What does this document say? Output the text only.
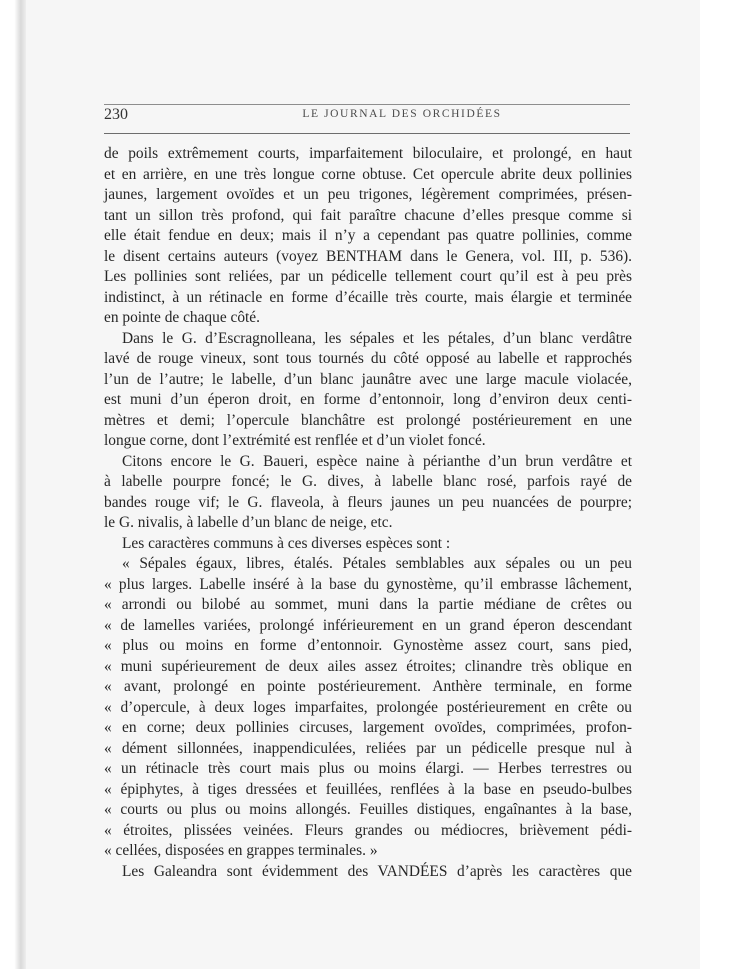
230	LE JOURNAL DES ORCHIDÉES
de poils extrêmement courts, imparfaitement biloculaire, et prolongé, en haut
et en arrière, en une très longue corne obtuse. Cet opercule abrite deux pollinies
jaunes, largement ovoïdes et un peu trigones, légèrement comprimées, présen-
tant un sillon très profond, qui fait paraître chacune d’elles presque comme si
elle était fendue en deux; mais il n’y a cependant pas quatre pollinies, comme
le disent certains auteurs (voyez BENTHAM dans le Genera, vol. III, p. 536).
Les pollinies sont reliées, par un pédicelle tellement court qu’il est à peu près
indistinct, à un rétinacle en forme d’écaille très courte, mais élargie et terminée
en pointe de chaque côté.
Dans le G. d’Escragnolleana, les sépales et les pétales, d’un blanc verdâtre
lavé de rouge vineux, sont tous tournés du côté opposé au labelle et rapprochés
l’un de l’autre; le labelle, d’un blanc jaunâtre avec une large macule violacée,
est muni d’un éperon droit, en forme d’entonnoir, long d’environ deux centi-
mètres et demi; l’opercule blanchâtre est prolongé postérieurement en une
longue corne, dont l’extrémité est renflée et d’un violet foncé.
Citons encore le G. Baueri, espèce naine à périanthe d’un brun verdâtre et
à labelle pourpre foncé; le G. dives, à labelle blanc rosé, parfois rayé de
bandes rouge vif; le G. flaveola, à fleurs jaunes un peu nuancées de pourpre;
le G. nivalis, à labelle d’un blanc de neige, etc.
Les caractères communs à ces diverses espèces sont :
« Sépales égaux, libres, étalés. Pétales semblables aux sépales ou un peu
« plus larges. Labelle inséré à la base du gynostème, qu’il embrasse lâchement,
« arrondi ou bilobé au sommet, muni dans la partie médiane de crêtes ou
« de lamelles variées, prolongé inférieurement en un grand éperon descendant
« plus ou moins en forme d’entonnoir. Gynostème assez court, sans pied,
« muni supérieurement de deux ailes assez étroites; clinandre très oblique en
« avant, prolongé en pointe postérieurement. Anthère terminale, en forme
« d’opercule, à deux loges imparfaites, prolongée postérieurement en crête ou
« en corne; deux pollinies circuses, largement ovoïdes, comprimées, profon-
« dément sillonnées, inappendiculées, reliées par un pédicelle presque nul à
« un rétinacle très court mais plus ou moins élargi. — Herbes terrestres ou
« épiphytes, à tiges dressées et feuillées, renflées à la base en pseudo-bulbes
« courts ou plus ou moins allongés. Feuilles distiques, engaînantes à la base,
« étroites, plissées veinées. Fleurs grandes ou médiocres, brièvement pédi-
« cellées, disposées en grappes terminales. »
Les Galeandra sont évidemment des VANDÉES d’après les caractères que
